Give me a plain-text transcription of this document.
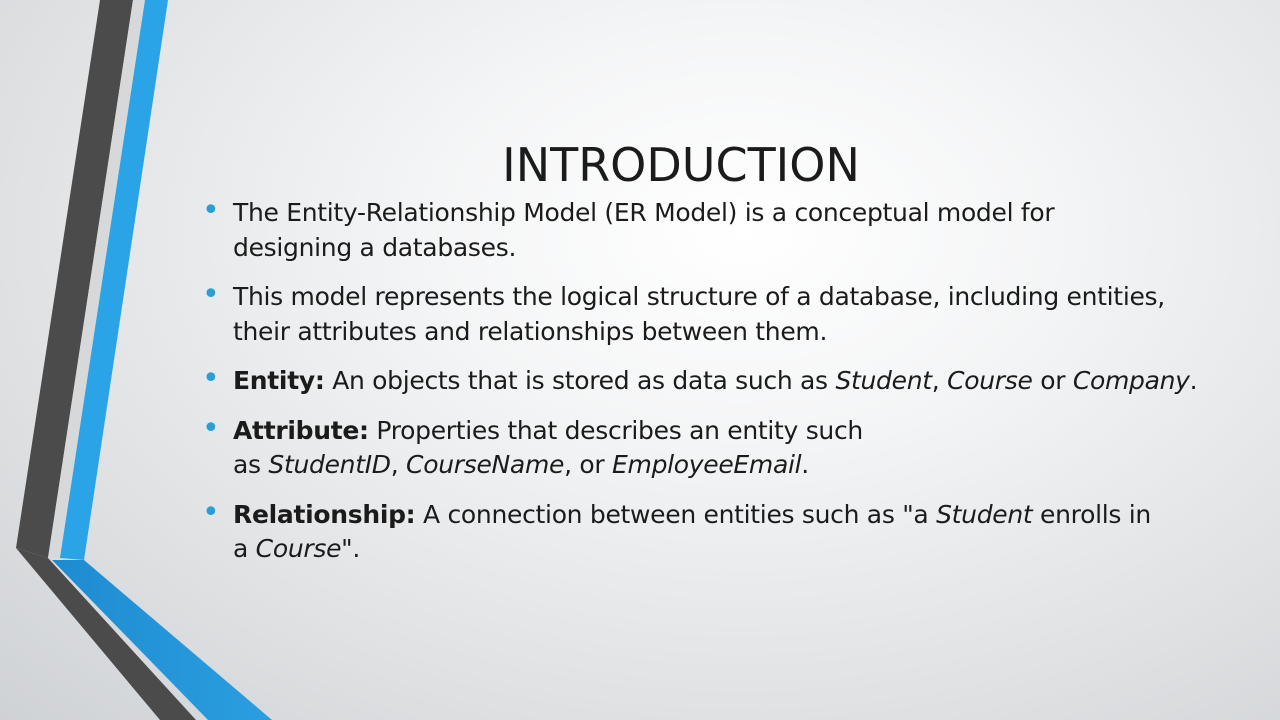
INTRODUCTION
• The Entity-Relationship Model (ER Model) is a conceptual model for
designing a databases.
• This model represents the logical structure of a database, including entities,
their attributes and relationships between them.
• Entity: An objects that is stored as data such as Student, Course or Company.
• Attribute: Properties that describes an entity such
as StudentID, CourseName, or EmployeeEmail.
• Relationship: A connection between entities such as "a Student enrolls in
a Course".
